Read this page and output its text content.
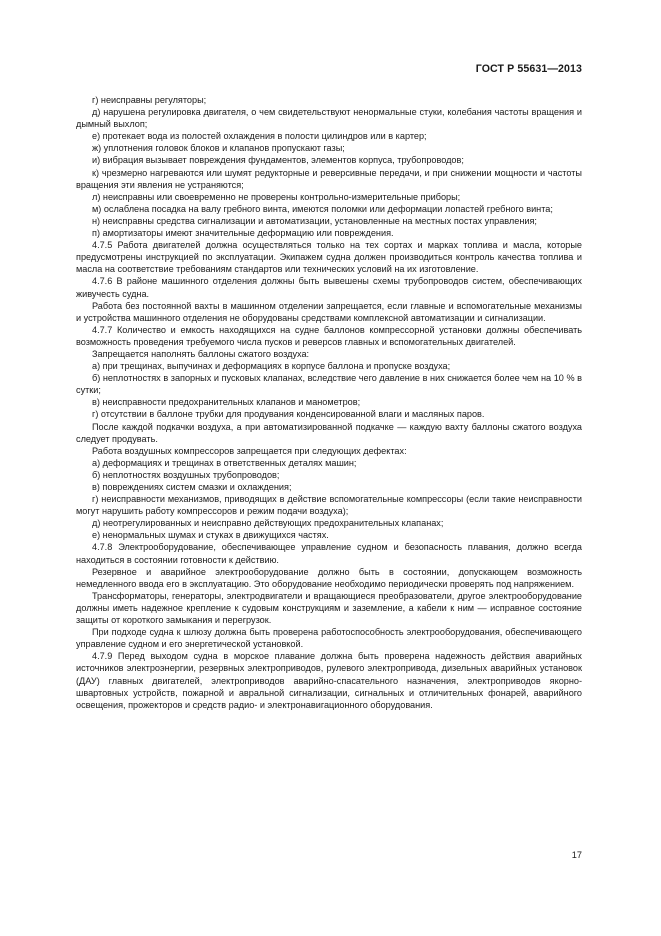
ГОСТ Р 55631—2013

г) неисправны регуляторы;

д) нарушена регулировка двигателя, о чем свидетельствуют ненормальные стуки, колебания частоты вращения и дымный выхлоп;

е) протекает вода из полостей охлаждения в полости цилиндров или в картер;

ж) уплотнения головок блоков и клапанов пропускают газы;

и) вибрация вызывает повреждения фундаментов, элементов корпуса, трубопроводов;

к) чрезмерно нагреваются или шумят редукторные и реверсивные передачи, и при снижении мощности и частоты вращения эти явления не устраняются;

л) неисправны или своевременно не проверены контрольно-измерительные приборы;

м) ослаблена посадка на валу гребного винта, имеются поломки или деформации лопастей гребного винта;

н) неисправны средства сигнализации и автоматизации, установленные на местных постах управления;

п) амортизаторы имеют значительные деформацию или повреждения.

4.7.5 Работа двигателей должна осуществляться только на тех сортах и марках топлива и масла, которые предусмотрены инструкцией по эксплуатации. Экипажем судна должен производиться контроль качества топлива и масла на соответствие требованиям стандартов или технических условий на их изготовление.

4.7.6 В районе машинного отделения должны быть вывешены схемы трубопроводов систем, обеспечивающих живучесть судна.

Работа без постоянной вахты в машинном отделении запрещается, если главные и вспомогательные механизмы и устройства машинного отделения не оборудованы средствами комплексной автоматизации и сигнализации.

4.7.7 Количество и емкость находящихся на судне баллонов компрессорной установки должны обеспечивать возможность проведения требуемого числа пусков и реверсов главных и вспомогательных двигателей.

Запрещается наполнять баллоны сжатого воздуха:

а) при трещинах, выпучинах и деформациях в корпусе баллона и пропуске воздуха;

б) неплотностях в запорных и пусковых клапанах, вследствие чего давление в них снижается более чем на 10 % в сутки;

в) неисправности предохранительных клапанов и манометров;

г) отсутствии в баллоне трубки для продувания конденсированной влаги и масляных паров.

После каждой подкачки воздуха, а при автоматизированной подкачке — каждую вахту баллоны сжатого воздуха следует продувать.

Работа воздушных компрессоров запрещается при следующих дефектах:

а) деформациях и трещинах в ответственных деталях машин;

б) неплотностях воздушных трубопроводов;

в) повреждениях систем смазки и охлаждения;

г) неисправности механизмов, приводящих в действие вспомогательные компрессоры (если такие неисправности могут нарушить работу компрессоров и режим подачи воздуха);

д) неотрегулированных и неисправно действующих предохранительных клапанах;

е) ненормальных шумах и стуках в движущихся частях.

4.7.8 Электрооборудование, обеспечивающее управление судном и безопасность плавания, должно всегда находиться в состоянии готовности к действию.

Резервное и аварийное электрооборудование должно быть в состоянии, допускающем возможность немедленного ввода его в эксплуатацию. Это оборудование необходимо периодически проверять под напряжением.

Трансформаторы, генераторы, электродвигатели и вращающиеся преобразователи, другое электрооборудование должны иметь надежное крепление к судовым конструкциям и заземление, а кабели к ним — исправное состояние защиты от короткого замыкания и перегрузок.

При подходе судна к шлюзу должна быть проверена работоспособность электрооборудования, обеспечивающего управление судном и его энергетической установкой.

4.7.9 Перед выходом судна в морское плавание должна быть проверена надежность действия аварийных источников электроэнергии, резервных электроприводов, рулевого электропривода, дизельных аварийных установок (ДАУ) главных двигателей, электроприводов аварийно-спасательного назначения, электроприводов якорно-швартовных устройств, пожарной и авральной сигнализации, сигнальных и отличительных фонарей, аварийного освещения, прожекторов и средств радио- и электронавигационного оборудования.

17
